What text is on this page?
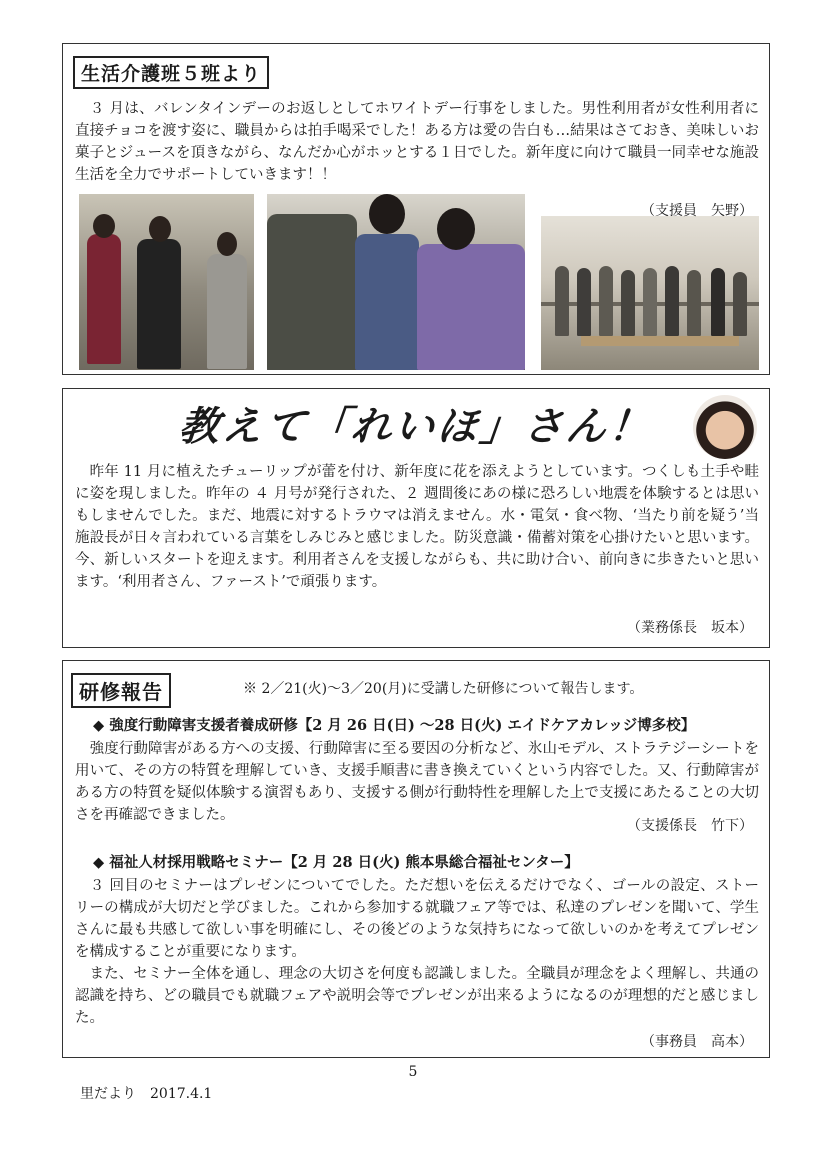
生活介護班５班より

　３ 月は、バレンタインデーのお返しとしてホワイトデー行事をしました。男性利用者が女性利用者に直接チョコを渡す姿に、職員からは拍手喝采でした！ある方は愛の告白も…結果はさておき、美味しいお菓子とジュースを頂きながら、なんだか心がホッとする１日でした。新年度に向けて職員一同幸せな施設生活を全力でサポートしていきます！！

（支援員　矢野）
教えて「れいほ」さん！

　昨年 11 月に植えたチューリップが蕾を付け、新年度に花を添えようとしています。つくしも土手や畦に姿を現しました。昨年の ４ 月号が発行された、２ 週間後にあの様に恐ろしい地震を体験するとは思いもしませんでした。まだ、地震に対するトラウマは消えません。水・電気・食べ物、‘当たり前を疑う’当施設長が日々言われている言葉をしみじみと感じました。防災意識・備蓄対策を心掛けたいと思います。今、新しいスタートを迎えます。利用者さんを支援しながらも、共に助け合い、前向きに歩きたいと思います。‘利用者さん、ファースト’で頑張ります。

（業務係長　坂本）
研修報告	※ 2／21(火)〜3／20(月)に受講した研修について報告します。
◆ 強度行動障害支援者養成研修【2 月 26 日(日) 〜28 日(火) エイドケアカレッジ博多校】

　強度行動障害がある方への支援、行動障害に至る要因の分析など、氷山モデル、ストラテジーシートを用いて、その方の特質を理解していき、支援手順書に書き換えていくという内容でした。又、行動障害がある方の特質を疑似体験する演習もあり、支援する側が行動特性を理解した上で支援にあたることの大切さを再確認できました。

（支援係長　竹下）
◆ 福祉人材採用戦略セミナー【2 月 28 日(火) 熊本県総合福祉センター】

　３ 回目のセミナーはプレゼンについてでした。ただ想いを伝えるだけでなく、ゴールの設定、ストーリーの構成が大切だと学びました。これから参加する就職フェア等では、私達のプレゼンを聞いて、学生さんに最も共感して欲しい事を明確にし、その後どのような気持ちになって欲しいのかを考えてプレゼンを構成することが重要になります。

　また、セミナー全体を通し、理念の大切さを何度も認識しました。全職員が理念をよく理解し、共通の認識を持ち、どの職員でも就職フェアや説明会等でプレゼンが出来るようになるのが理想的だと感じました。

（事務員　高本）
5
里だより　2017.4.1
